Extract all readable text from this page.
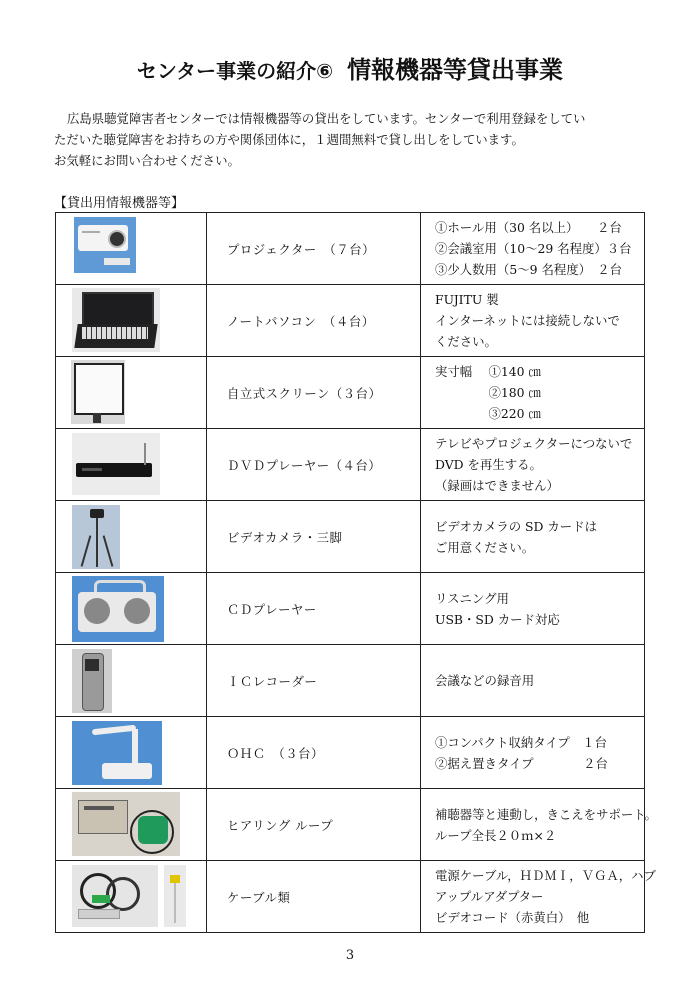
センター事業の紹介⑥ 情報機器等貸出事業

広島県聴覚障害者センターでは情報機器等の貸出をしています。センターで利用登録をしてい

ただいた聴覚障害をお持ちの方や関係団体に，１週間無料で貸し出しをしています。

お気軽にお問い合わせください。

【貸出用情報機器等】
	プロジェクター　（７台）	①ホール用（30 名以上）　　２台

②会議室用（10～29 名程度）３台

③少人数用（5～9 名程度）　２台

	ノートパソコン　（４台）	FUJITU 製

インターネットには接続しないで

ください。

	自立式スクリーン（３台）	実寸幅　 ①140 ㎝

　　　　 ②180 ㎝

　　　　 ③220 ㎝

	ＤＶＤプレーヤー（４台）	テレビやプロジェクターにつないで

DVD を再生する。

（録画はできません）

	ビデオカメラ・三脚	ビデオカメラの SD カードは

ご用意ください。

	ＣＤプレーヤー	リスニング用

USB・SD カード対応

	ＩＣレコーダー	会議などの録音用

	ＯＨＣ　（３台）	①コンパクト収納タイプ　１台

②据え置きタイプ　　　　２台

	ヒアリング ループ	補聴器等と連動し，きこえをサポート。

ループ全長２０ｍ×２

	ケーブル類	電源ケーブル，ＨＤＭＩ，ＶＧＡ，ハブ

アップルアダプター

ビデオコード（赤黄白）　他

3
